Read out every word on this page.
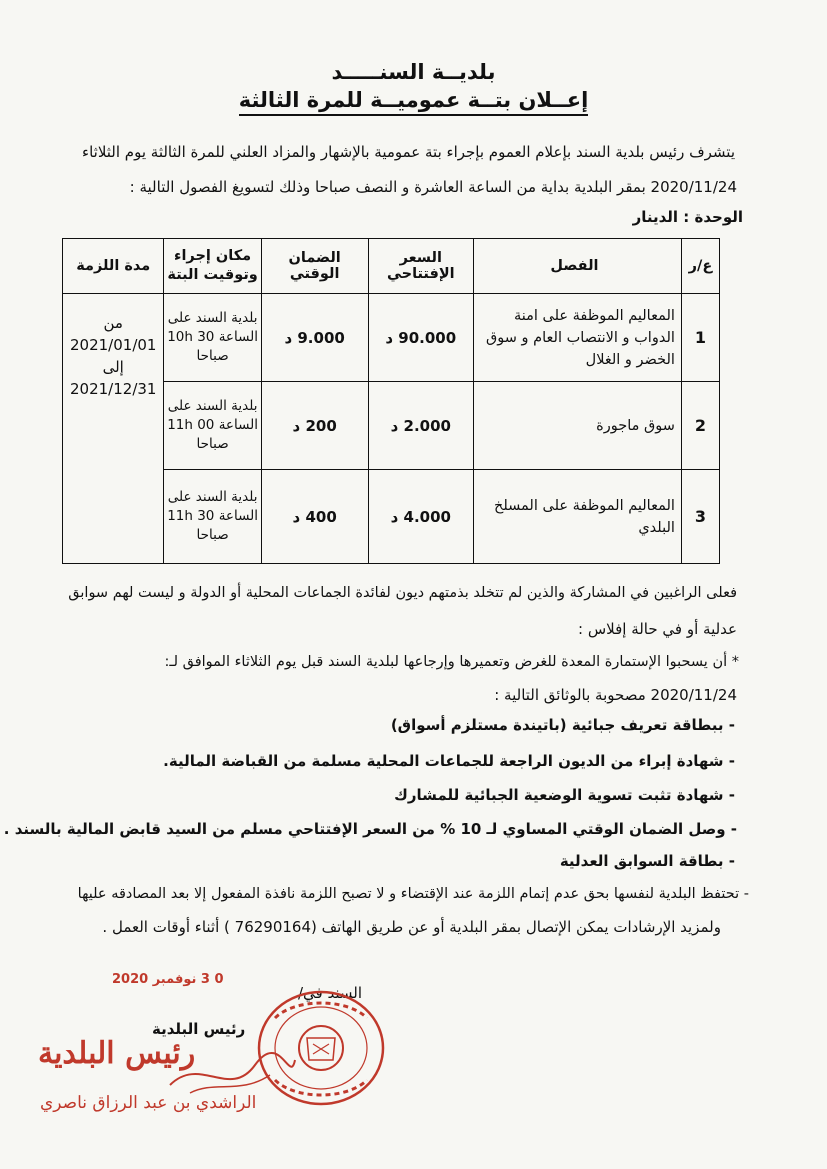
بلديــة السنـــــد
إعــلان بتــة عموميــة للمرة الثالثة
يتشرف رئيس بلدية السند بإعلام العموم بإجراء بتة عمومية بالإشهار والمزاد العلني للمرة الثالثة يوم الثلاثاء
2020/11/24 بمقر البلدية بداية من الساعة العاشرة و النصف صباحا وذلك لتسويغ الفصول التالية :
الوحدة : الدينار
ع/ر	الفصل	السعر الإفتتاحي	الضمان الوقتي	مكان إجراء وتوقيت البتة	مدة اللزمة
1	المعاليم الموظفة على امنة الدواب و الانتصاب العام و سوق الخضر و الغلال	90.000 د	9.000 د	بلدية السند على الساعة 10h 30 صباحا	من 2021/01/01 إلى 2021/12/31
2	سوق ماجورة	2.000 د	200 د	بلدية السند على الساعة 11h 00 صباحا	
3	المعاليم الموظفة على المسلخ البلدي	4.000 د	400 د	بلدية السند على الساعة 11h 30 صباحا	
فعلى الراغبين في المشاركة والذين لم تتخلد بذمتهم ديون لفائدة الجماعات المحلية أو الدولة و ليست لهم سوابق
عدلية أو في حالة إفلاس :
* أن يسحبوا الإستمارة المعدة للغرض وتعميرها وإرجاعها لبلدية السند قبل يوم الثلاثاء الموافق لـ:
2020/11/24 مصحوبة بالوثائق التالية :
- ببطاقة تعريف جبائية (باتيندة مستلزم أسواق)
- شهادة إبراء من الديون الراجعة للجماعات المحلية مسلمة من القباضة المالية.
- شهادة تثبت تسوية الوضعية الجبائية للمشارك
- وصل الضمان الوقتي المساوي لـ 10 % من السعر الإفتتاحي مسلم من السيد قابض المالية بالسند .
- بطاقة السوابق العدلية
- تحتفظ البلدية لنفسها بحق عدم إتمام اللزمة عند الإقتضاء و لا تصبح اللزمة نافذة المفعول إلا بعد المصادقه عليها
ولمزيد الإرشادات يمكن الإتصال بمقر البلدية أو عن طريق الهاتف (76290164 ) أثناء أوقات العمل .
السند في/
رئيس البلدية
0 3 نوفمبر 2020
رئيس البلدية
الراشدي بن عبد الرزاق ناصري
